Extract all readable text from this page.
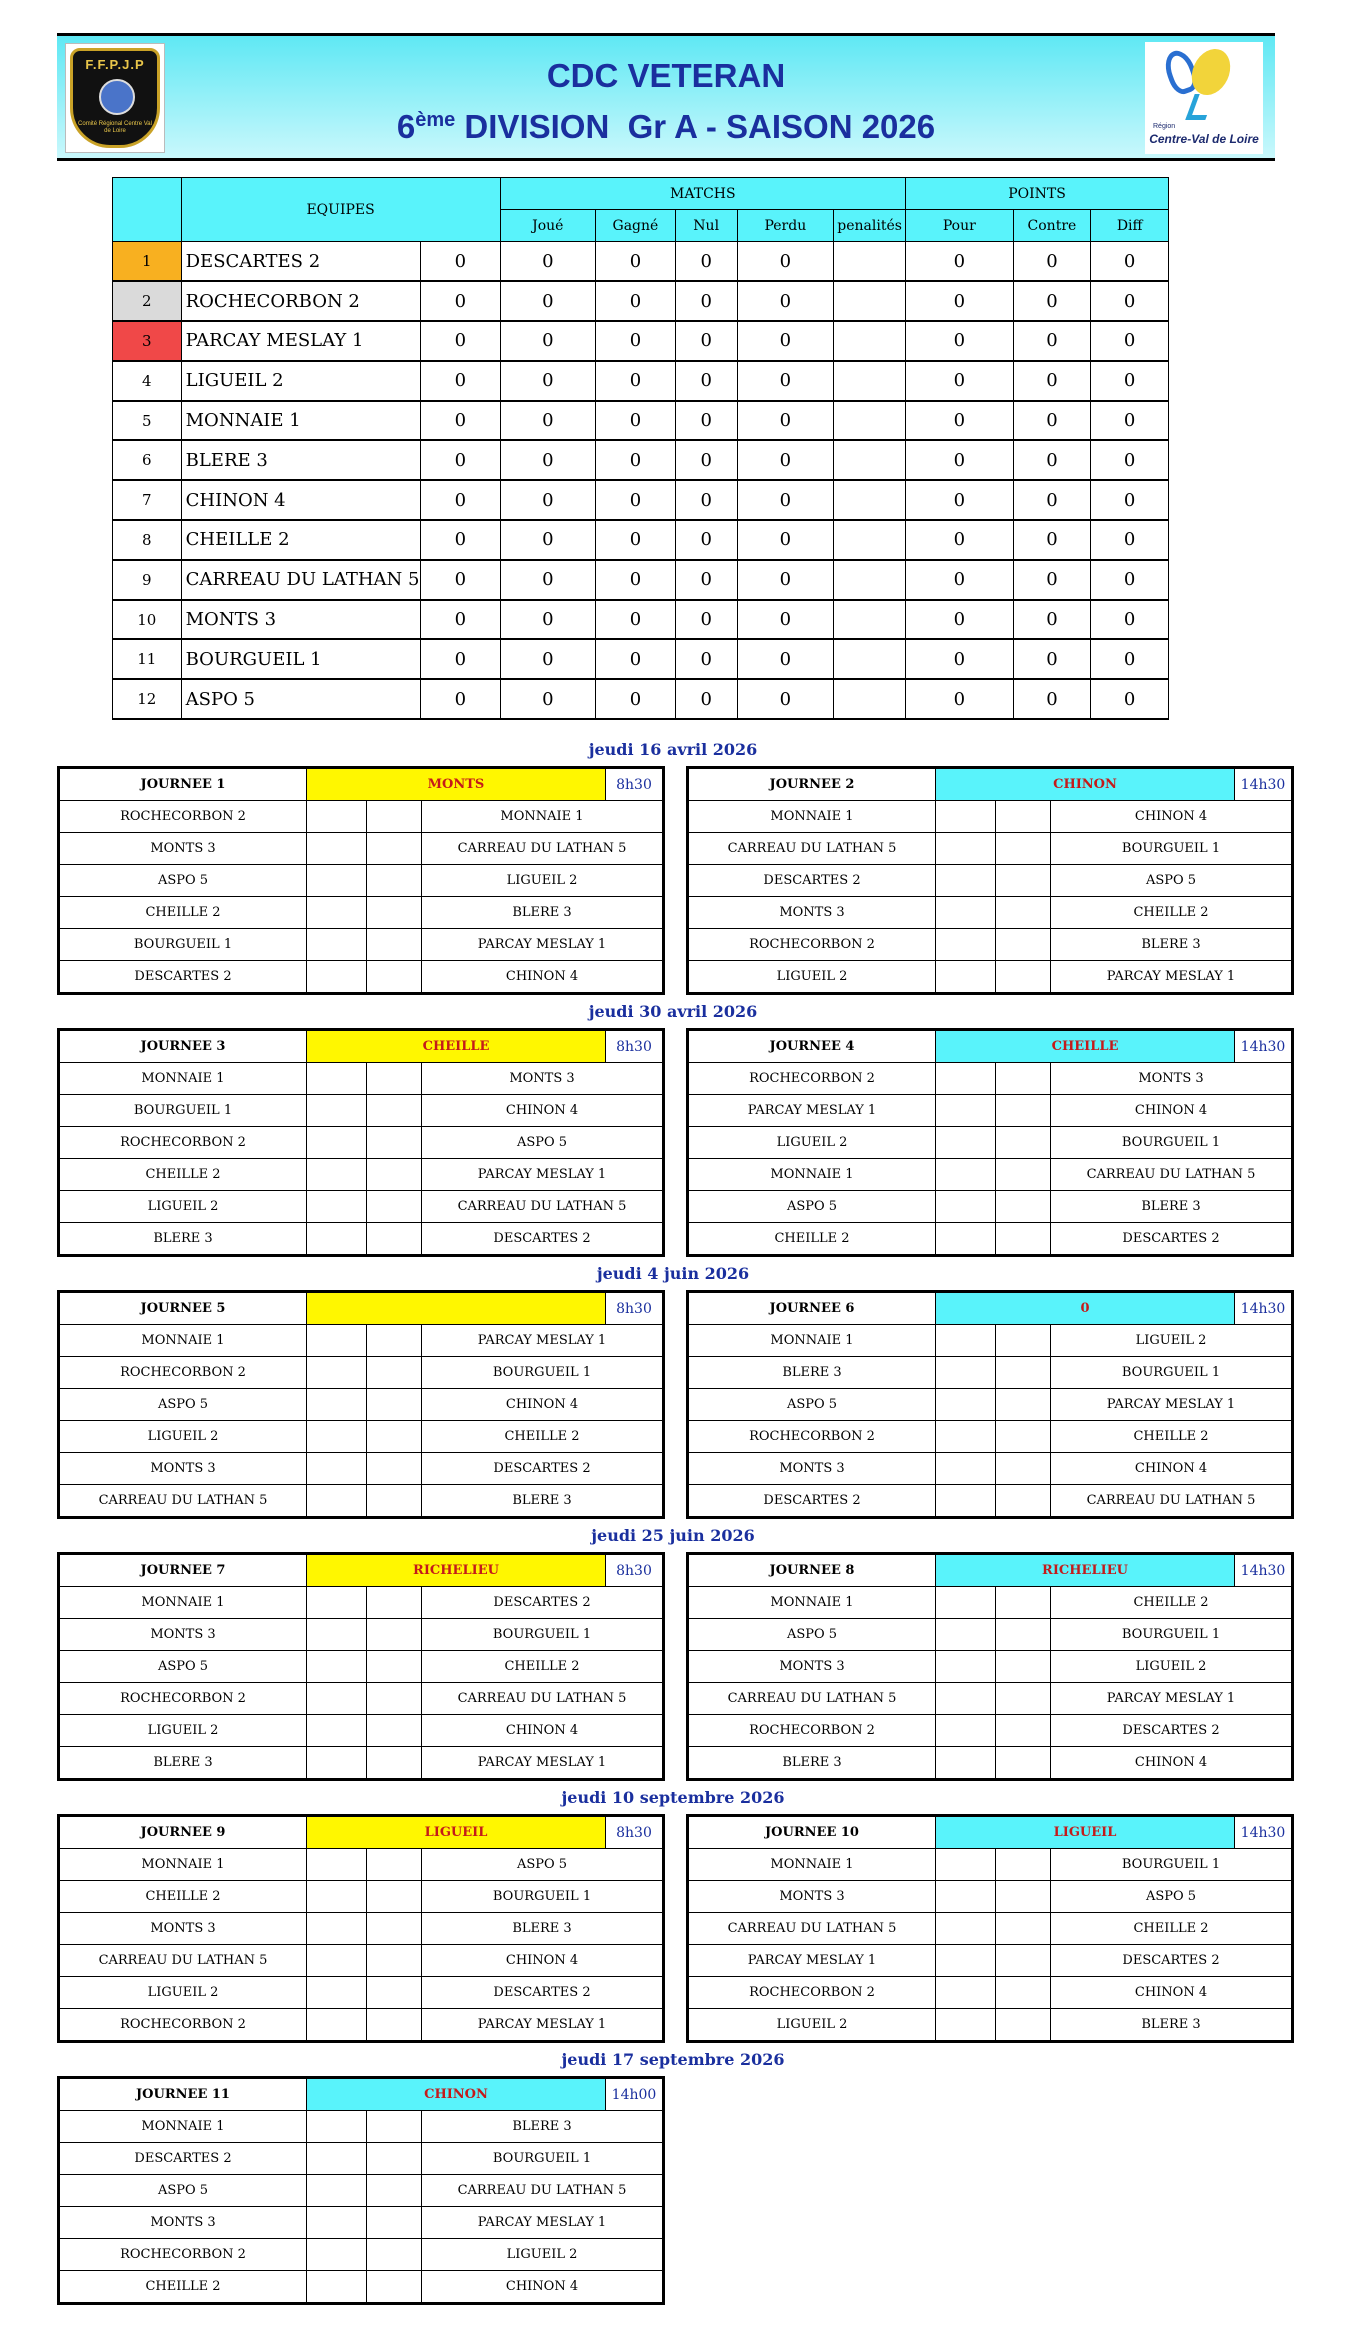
F.F.P.J.P
Comité Régional Centre Val de Loire
CDC VETERAN
6ème DIVISION  Gr A - SAISON 2026	Région
Centre-Val de Loire
	EQUIPES		MATCHS					POINTS		
			Joué	Gagné	Nul	Perdu	penalités	Pour	Contre	Diff
1	DESCARTES 2	0	0	0	0	0		0	0	0
2	ROCHECORBON 2	0	0	0	0	0		0	0	0
3	PARCAY MESLAY 1	0	0	0	0	0		0	0	0
4	LIGUEIL 2	0	0	0	0	0		0	0	0
5	MONNAIE 1	0	0	0	0	0		0	0	0
6	BLERE 3	0	0	0	0	0		0	0	0
7	CHINON 4	0	0	0	0	0		0	0	0
8	CHEILLE 2	0	0	0	0	0		0	0	0
9	CARREAU DU LATHAN 5	0	0	0	0	0		0	0	0
10	MONTS 3	0	0	0	0	0		0	0	0
11	BOURGUEIL 1	0	0	0	0	0		0	0	0
12	ASPO 5	0	0	0	0	0		0	0	0
jeudi 16 avril 2026
jeudi 30 avril 2026
jeudi 4 juin 2026
jeudi 25 juin 2026
jeudi 10 septembre 2026
jeudi 17 septembre 2026
JOURNEE 1	MONTS			8h30
ROCHECORBON 2			MONNAIE 1	
MONTS 3			CARREAU DU LATHAN 5	
ASPO 5			LIGUEIL 2	
CHEILLE 2			BLERE 3	
BOURGUEIL 1			PARCAY MESLAY 1	
DESCARTES 2			CHINON 4	
JOURNEE 2	CHINON			14h30
MONNAIE 1			CHINON 4	
CARREAU DU LATHAN 5			BOURGUEIL 1	
DESCARTES 2			ASPO 5	
MONTS 3			CHEILLE 2	
ROCHECORBON 2			BLERE 3	
LIGUEIL 2			PARCAY MESLAY 1	
JOURNEE 3	CHEILLE			8h30
MONNAIE 1			MONTS 3	
BOURGUEIL 1			CHINON 4	
ROCHECORBON 2			ASPO 5	
CHEILLE 2			PARCAY MESLAY 1	
LIGUEIL 2			CARREAU DU LATHAN 5	
BLERE 3			DESCARTES 2	
JOURNEE 4	CHEILLE			14h30
ROCHECORBON 2			MONTS 3	
PARCAY MESLAY 1			CHINON 4	
LIGUEIL 2			BOURGUEIL 1	
MONNAIE 1			CARREAU DU LATHAN 5	
ASPO 5			BLERE 3	
CHEILLE 2			DESCARTES 2	
JOURNEE 5				8h30
MONNAIE 1			PARCAY MESLAY 1	
ROCHECORBON 2			BOURGUEIL 1	
ASPO 5			CHINON 4	
LIGUEIL 2			CHEILLE 2	
MONTS 3			DESCARTES 2	
CARREAU DU LATHAN 5			BLERE 3	
JOURNEE 6	0			14h30
MONNAIE 1			LIGUEIL 2	
BLERE 3			BOURGUEIL 1	
ASPO 5			PARCAY MESLAY 1	
ROCHECORBON 2			CHEILLE 2	
MONTS 3			CHINON 4	
DESCARTES 2			CARREAU DU LATHAN 5	
JOURNEE 7	RICHELIEU			8h30
MONNAIE 1			DESCARTES 2	
MONTS 3			BOURGUEIL 1	
ASPO 5			CHEILLE 2	
ROCHECORBON 2			CARREAU DU LATHAN 5	
LIGUEIL 2			CHINON 4	
BLERE 3			PARCAY MESLAY 1	
JOURNEE 8	RICHELIEU			14h30
MONNAIE 1			CHEILLE 2	
ASPO 5			BOURGUEIL 1	
MONTS 3			LIGUEIL 2	
CARREAU DU LATHAN 5			PARCAY MESLAY 1	
ROCHECORBON 2			DESCARTES 2	
BLERE 3			CHINON 4	
JOURNEE 9	LIGUEIL			8h30
MONNAIE 1			ASPO 5	
CHEILLE 2			BOURGUEIL 1	
MONTS 3			BLERE 3	
CARREAU DU LATHAN 5			CHINON 4	
LIGUEIL 2			DESCARTES 2	
ROCHECORBON 2			PARCAY MESLAY 1	
JOURNEE 10	LIGUEIL			14h30
MONNAIE 1			BOURGUEIL 1	
MONTS 3			ASPO 5	
CARREAU DU LATHAN 5			CHEILLE 2	
PARCAY MESLAY 1			DESCARTES 2	
ROCHECORBON 2			CHINON 4	
LIGUEIL 2			BLERE 3	
JOURNEE 11	CHINON			14h00
MONNAIE 1			BLERE 3	
DESCARTES 2			BOURGUEIL 1	
ASPO 5			CARREAU DU LATHAN 5	
MONTS 3			PARCAY MESLAY 1	
ROCHECORBON 2			LIGUEIL 2	
CHEILLE 2			CHINON 4	
